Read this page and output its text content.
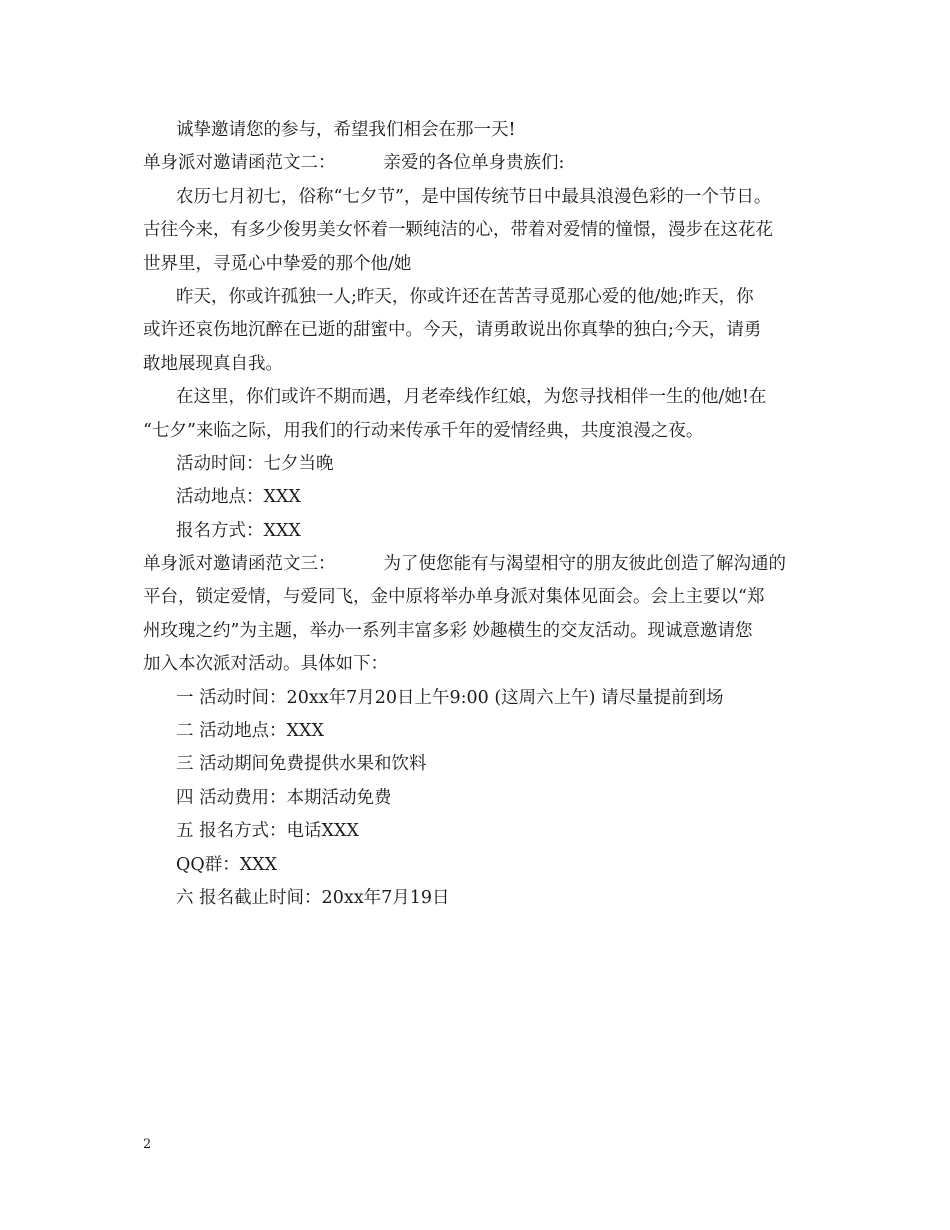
诚挚邀请您的参与，希望我们相会在那一天!
单身派对邀请函范文二：	亲爱的各位单身贵族们:
农历七月初七，俗称“七夕节”，是中国传统节日中最具浪漫色彩的一个节日。
古往今来，有多少俊男美女怀着一颗纯洁的心，带着对爱情的憧憬，漫步在这花花
世界里，寻觅心中挚爱的那个他/她
昨天，你或许孤独一人;昨天，你或许还在苦苦寻觅那心爱的他/她;昨天，你
或许还哀伤地沉醉在已逝的甜蜜中。今天，请勇敢说出你真挚的独白;今天，请勇
敢地展现真自我。
在这里，你们或许不期而遇，月老牵线作红娘，为您寻找相伴一生的他/她!在
“七夕”来临之际，用我们的行动来传承千年的爱情经典，共度浪漫之夜。
活动时间：七夕当晚
活动地点：XXX
报名方式：XXX
单身派对邀请函范文三：	为了使您能有与渴望相守的朋友彼此创造了解沟通的
平台，锁定爱情，与爱同飞，金中原将举办单身派对集体见面会。会上主要以“郑
州玫瑰之约”为主题，举办一系列丰富多彩 妙趣横生的交友活动。现诚意邀请您
加入本次派对活动。具体如下：
一 活动时间：20xx年7月20日上午9:00 (这周六上午) 请尽量提前到场
二 活动地点：XXX
三 活动期间免费提供水果和饮料
四 活动费用：本期活动免费
五 报名方式：电话XXX
QQ群：XXX
六 报名截止时间：20xx年7月19日
2
